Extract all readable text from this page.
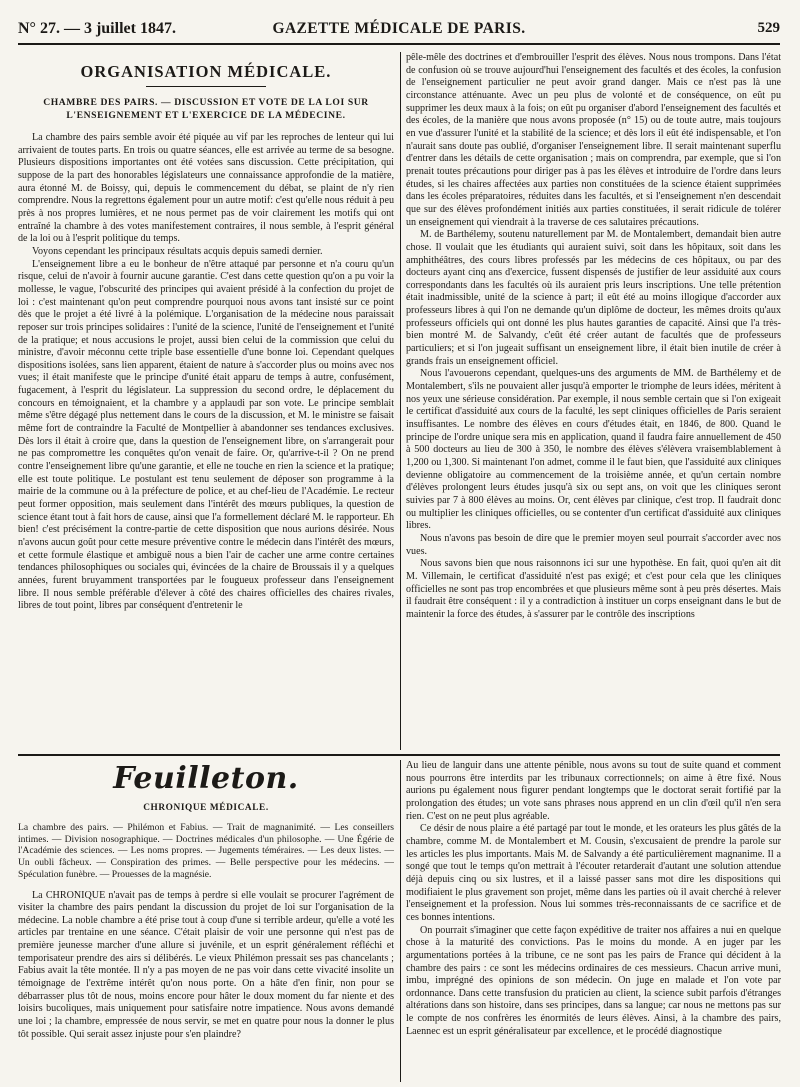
N° 27. — 3 juillet 1847.	GAZETTE MÉDICALE DE PARIS.	529
ORGANISATION MÉDICALE.
CHAMBRE DES PAIRS. — DISCUSSION ET VOTE DE LA LOI SUR L'ENSEIGNEMENT ET L'EXERCICE DE LA MÉDECINE.

La chambre des pairs semble avoir été piquée au vif par les reproches de lenteur qui lui arrivaient de toutes parts. En trois ou quatre séances, elle est arrivée au terme de sa besogne. Plusieurs dispositions importantes ont été votées sans discussion. Cette précipitation, qui suppose de la part des honorables législateurs une connaissance approfondie de la matière, aura étonné M. de Boissy, qui, depuis le commencement du débat, se plaint de n'y rien comprendre. Nous la regrettons également pour un autre motif: c'est qu'elle nous réduit à peu près à nos propres lumières, et ne nous permet pas de voir clairement les motifs qui ont entraîné la chambre à des votes manifestement contraires, il nous semble, à l'esprit général de la loi ou à l'esprit politique du temps.

Voyons cependant les principaux résultats acquis depuis samedi dernier.

L'enseignement libre a eu le bonheur de n'être attaqué par personne et n'a couru qu'un risque, celui de n'avoir à fournir aucune garantie. C'est dans cette question qu'on a pu voir la mollesse, le vague, l'obscurité des principes qui avaient présidé à la confection du projet de loi : c'est maintenant qu'on peut comprendre pourquoi nous avons tant insisté sur ce point dès que le projet a été livré à la polémique. L'organisation de la médecine nous paraissait reposer sur trois principes solidaires : l'unité de la science, l'unité de l'enseignement et l'unité de la pratique; et nous accusions le projet, aussi bien celui de la commission que celui du ministre, d'avoir méconnu cette triple base essentielle d'une bonne loi. Cependant quelques dispositions isolées, sans lien apparent, étaient de nature à s'accorder plus ou moins avec nos vues; il était manifeste que le principe d'unité était apparu de temps à autre, confusément, fugacement, à l'esprit du législateur. La suppression du second ordre, le déplacement du concours en témoignaient, et la chambre y a applaudi par son vote. Le principe semblait même s'être dégagé plus nettement dans le cours de la discussion, et M. le ministre se faisait même fort de contraindre la Faculté de Montpellier à abandonner ses tendances exclusives. Dès lors il était à croire que, dans la question de l'enseignement libre, on s'arrangerait pour ne pas compromettre les conquêtes qu'on venait de faire. Or, qu'arrive-t-il ? On ne prend contre l'enseignement libre qu'une garantie, et elle ne touche en rien la science et la pratique; elle est toute politique. Le postulant est tenu seulement de déposer son programme à la mairie de la commune ou à la préfecture de police, et au chef-lieu de l'Académie. Le recteur peut former opposition, mais seulement dans l'intérêt des mœurs publiques, la question de science étant tout à fait hors de cause, ainsi que l'a formellement déclaré M. le rapporteur. Eh bien! c'est précisément la contre-partie de cette disposition que nous aurions désirée. Nous n'avons aucun goût pour cette mesure préventive contre le médecin dans l'intérêt des mœurs, et cette formule élastique et ambiguë nous a bien l'air de cacher une arme contre certaines tendances philosophiques ou sociales qui, évincées de la chaire de Broussais il y a quelques années, furent bruyamment transportées par le fougueux professeur dans l'enseignement libre. Il nous semble préférable d'élever à côté des chaires officielles des chaires rivales, libres de tout point, libres par conséquent d'entretenir le

pêle-mêle des doctrines et d'embrouiller l'esprit des élèves. Nous nous trompons. Dans l'état de confusion où se trouve aujourd'hui l'enseignement des facultés et des écoles, la confusion de l'enseignement particulier ne peut avoir grand danger. Mais ce n'est pas là une circonstance atténuante. Avec un peu plus de volonté et de conséquence, on eût pu supprimer les deux maux à la fois; on eût pu organiser d'abord l'enseignement des facultés et des écoles, de la manière que nous avons proposée (n° 15) ou de toute autre, mais toujours en vue d'assurer l'unité et la stabilité de la science; et dès lors il eût été indispensable, et l'on n'aurait sans doute pas oublié, d'organiser l'enseignement libre. Il serait maintenant superflu d'entrer dans les détails de cette organisation ; mais on comprendra, par exemple, que si l'on prenait toutes précautions pour diriger pas à pas les élèves et introduire de l'ordre dans leurs études, si les chaires affectées aux parties non constituées de la science étaient supprimées dans les écoles préparatoires, réduites dans les facultés, et si l'enseignement n'en descendait que sur des élèves profondément initiés aux parties constituées, il serait ridicule de tolérer un enseignement qui viendrait à la traverse de ces salutaires précautions.

M. de Barthélemy, soutenu naturellement par M. de Montalembert, demandait bien autre chose. Il voulait que les étudiants qui auraient suivi, soit dans les hôpitaux, soit dans les amphithéâtres, des cours libres professés par les médecins de ces hôpitaux, ou par des docteurs ayant cinq ans d'exercice, fussent dispensés de justifier de leur assiduité aux cours correspondants dans les facultés où ils auraient pris leurs inscriptions. Une telle prétention était inadmissible, unité de la science à part; il eût été au moins illogique d'accorder aux professeurs libres à qui l'on ne demande qu'un diplôme de docteur, les mêmes droits qu'aux professeurs officiels qui ont donné les plus hautes garanties de capacité. Ainsi que l'a très-bien montré M. de Salvandy, c'eût été créer autant de facultés que de professeurs particuliers; et si l'on jugeait suffisant un enseignement libre, il était bien inutile de créer à grands frais un enseignement officiel.

Nous l'avouerons cependant, quelques-uns des arguments de MM. de Barthélemy et de Montalembert, s'ils ne pouvaient aller jusqu'à emporter le triomphe de leurs idées, méritent à nos yeux une sérieuse considération. Par exemple, il nous semble certain que si l'on exigeait le certificat d'assiduité aux cours de la faculté, les sept cliniques officielles de Paris seraient insuffisantes. Le nombre des élèves en cours d'études était, en 1846, de 800. Quand le principe de l'ordre unique sera mis en application, quand il faudra faire annuellement de 450 à 500 docteurs au lieu de 300 à 350, le nombre des élèves s'élèvera vraisemblablement à 1,200 ou 1,300. Si maintenant l'on admet, comme il le faut bien, que l'assiduité aux cliniques devienne obligatoire au commencement de la troisième année, et qu'un certain nombre d'élèves prolongent leurs études jusqu'à six ou sept ans, on voit que les cliniques seront suivies par 7 à 800 élèves au moins. Or, cent élèves par clinique, c'est trop. Il faudrait donc ou multiplier les cliniques officielles, ou se contenter d'un certificat d'assiduité aux cliniques libres.

Nous n'avons pas besoin de dire que le premier moyen seul pourrait s'accorder avec nos vues.

Nous savons bien que nous raisonnons ici sur une hypothèse. En fait, quoi qu'en ait dit M. Villemain, le certificat d'assiduité n'est pas exigé; et c'est pour cela que les cliniques officielles ne sont pas trop encombrées et que plusieurs même sont à peu près désertes. Mais il faudrait être conséquent : il y a contradiction à instituer un corps enseignant dans le but de maintenir la force des études, à s'assurer par le contrôle des inscriptions

Feuilleton.
CHRONIQUE MÉDICALE.
La chambre des pairs. — Philémon et Fabius. — Trait de magnanimité. — Les conseillers intimes. — Division nosographique. — Doctrines médicales d'un philosophe. — Une Égérie de l'Académie des sciences. — Les noms propres. — Jugements téméraires. — Les deux listes. — Un oubli fâcheux. — Conspiration des primes. — Belle perspective pour les médecins. — Spéculation funèbre. — Prouesses de la magnésie.

La CHRONIQUE n'avait pas de temps à perdre si elle voulait se procurer l'agrément de visiter la chambre des pairs pendant la discussion du projet de loi sur l'organisation de la médecine. La noble chambre a été prise tout à coup d'une si terrible ardeur, qu'elle a voté les articles par trentaine en une séance. C'était plaisir de voir une personne qui n'est pas de première jeunesse marcher d'une allure si juvénile, et un esprit généralement réfléchi et temporisateur prendre des airs si délibérés. Le vieux Philémon pressait ses pas chancelants ; Fabius avait la tête montée. Il n'y a pas moyen de ne pas voir dans cette vivacité insolite un témoignage de l'extrême intérêt qu'on nous porte. On a hâte d'en finir, non pour se débarrasser plus tôt de nous, moins encore pour hâter le doux moment du far niente et des loisirs bucoliques, mais uniquement pour satisfaire notre impatience. Nous avons demandé une loi ; la chambre, empressée de nous servir, se met en quatre pour nous la donner le plus tôt possible. Qui serait assez injuste pour s'en plaindre?

Au lieu de languir dans une attente pénible, nous avons su tout de suite quand et comment nous pourrons être interdits par les tribunaux correctionnels; on aime à être fixé. Nous aurions pu également nous figurer pendant longtemps que le doctorat serait fortifié par la prolongation des études; un vote sans phrases nous apprend en un clin d'œil qu'il n'en sera rien. C'est on ne peut plus agréable.

Ce désir de nous plaire a été partagé par tout le monde, et les orateurs les plus gâtés de la chambre, comme M. de Montalembert et M. Cousin, s'excusaient de prendre la parole sur les articles les plus importants. Mais M. de Salvandy a été particulièrement magnanime. Il a songé que tout le temps qu'on mettrait à l'écouter retarderait d'autant une solution attendue déjà depuis cinq ou six lustres, et il a laissé passer sans mot dire les dispositions qui modifiaient le plus gravement son projet, même dans les parties où il avait cherché à relever l'enseignement et la profession. Nous lui sommes très-reconnaissants de ce sacrifice et de ces bonnes intentions.

On pourrait s'imaginer que cette façon expéditive de traiter nos affaires a nui en quelque chose à la maturité des convictions. Pas le moins du monde. A en juger par les argumentations portées à la tribune, ce ne sont pas les pairs de France qui décident à la chambre des pairs : ce sont les médecins ordinaires de ces messieurs. Chacun arrive muni, imbu, imprégné des opinions de son médecin. On juge en malade et l'on vote par ordonnance. Dans cette transfusion du praticien au client, la science subit parfois d'étranges altérations dans son histoire, dans ses principes, dans sa langue; car nous ne mettons pas sur le compte de nos confrères les énormités de leurs élèves. Ainsi, à la chambre des pairs, Laennec est un esprit généralisateur par excellence, et le procédé diagnostique
